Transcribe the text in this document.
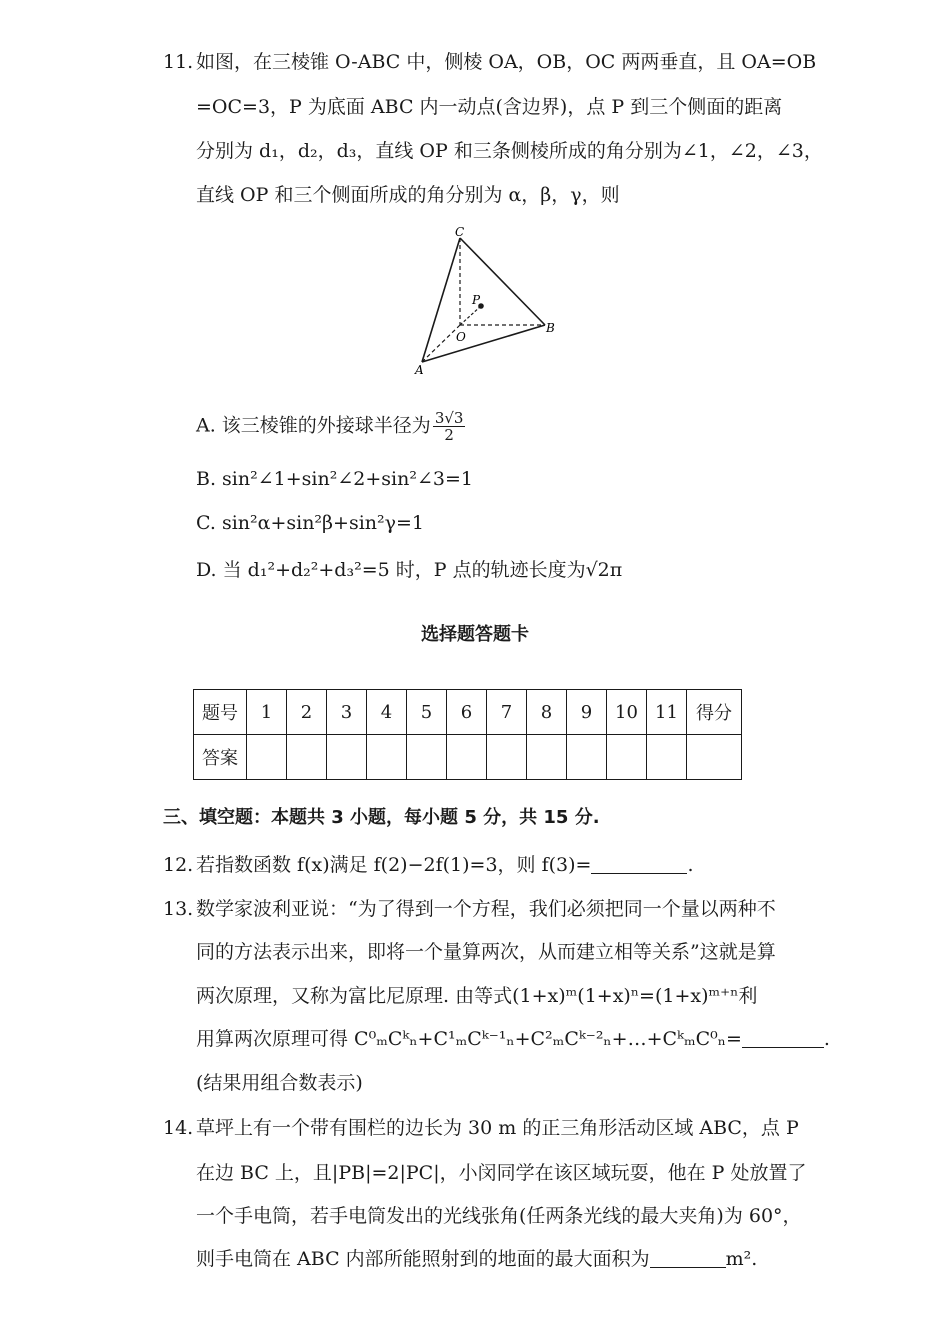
11. 如图，在三棱锥 O-ABC 中，侧棱 OA，OB，OC 两两垂直，且 OA=OB
=OC=3，P 为底面 ABC 内一动点(含边界)，点 P 到三个侧面的距离
分别为 d₁，d₂，d₃，直线 OP 和三条侧棱所成的角分别为∠1，∠2，∠3，
直线 OP 和三个侧面所成的角分别为 α，β，γ，则
C
P
O
B
A
A. 该三棱锥的外接球半径为 $\frac{3√3}{2}$
B. sin²∠1+sin²∠2+sin²∠3=1
C. sin²α+sin²β+sin²γ=1
D. 当 d₁²+d₂²+d₃²=5 时，P 点的轨迹长度为√2π
选择题答题卡
题号	1	2	3	4	5	6	7	8	9	10	11	得分
答案												
三、填空题：本题共 3 小题，每小题 5 分，共 15 分.
12. 若指数函数 f(x)满足 f(2)−2f(1)=3，则 f(3)=	.
13. 数学家波利亚说：“为了得到一个方程，我们必须把同一个量以两种不
同的方法表示出来，即将一个量算两次，从而建立相等关系”这就是算
两次原理，又称为富比尼原理. 由等式(1+x)ᵐ(1+x)ⁿ=(1+x)ᵐ⁺ⁿ利
用算两次原理可得 C⁰ₘCᵏₙ+C¹ₘCᵏ⁻¹ₙ+C²ₘCᵏ⁻²ₙ+…+CᵏₘC⁰ₙ=	.
(结果用组合数表示)
14. 草坪上有一个带有围栏的边长为 30 m 的正三角形活动区域 ABC，点 P
在边 BC 上，且|PB|=2|PC|，小闵同学在该区域玩耍，他在 P 处放置了
一个手电筒，若手电筒发出的光线张角(任两条光线的最大夹角)为 60°，
则手电筒在 ABC 内部所能照射到的地面的最大面积为	m².
